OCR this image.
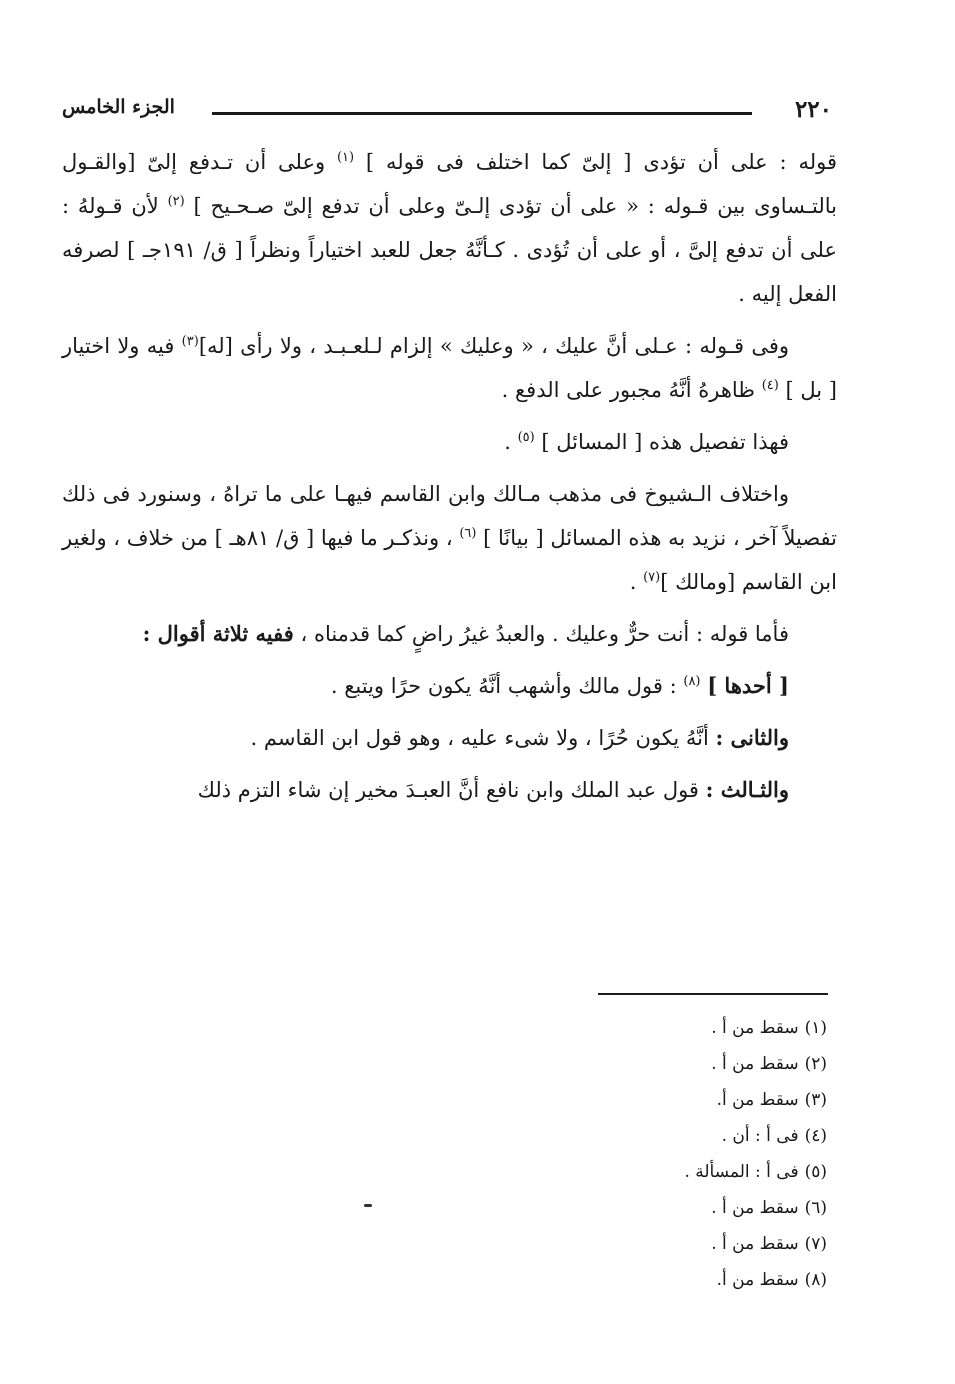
٢٢٠
الجزء الخامس

قوله : على أن تؤدى [ إلىّ كما اختلف فى قوله ] $^{(١)}$ وعلى أن تـدفع إلىّ [والقـول بالتـساوى بين قـوله : « على أن تؤدى إلـىّ وعلى أن تدفع إلىّ صـحـيح ] $^{(٢)}$ لأن قـولهُ : على أن تدفع إلىَّ ، أو على أن تُؤدى . كـأنَّهُ جعل للعبد اختياراً ونظراً [ ق/ ١٩١جـ ] لصرفه الفعل إليه .

وفى قـوله : عـلى أنَّ عليك ، « وعليك » إلزام لـلعـبـد ، ولا رأى [له]$^{(٣)}$ فيه ولا اختيار [ بل ] $^{(٤)}$ ظاهرهُ أنَّهُ مجبور على الدفع .

فهذا تفصيل هذه [ المسائل ] $^{(٥)}$ .

واختلاف الـشيوخ فى مذهب مـالك وابن القاسم فيهـا على ما تراهُ ، وسنورد فى ذلك تفصيلاً آخر ، نزيد به هذه المسائل [ بيانًا ] $^{(٦)}$ ، ونذكـر ما فيها [ ق/ ٨١هـ ] من خلاف ، ولغير ابن القاسم [ومالك ]$^{(٧)}$ .

فأما قوله : أنت حرٌّ وعليك . والعبدُ غيرُ راضٍ كما قدمناه ، ففيه ثلاثة أقوال :

[ أحدها ] $^{(٨)}$ : قول مالك وأشهب أنَّهُ يكون حرًا ويتبع .

والثانى : أنَّهُ يكون حُرًا ، ولا شىء عليه ، وهو قول ابن القاسم .

والثـالث : قول عبد الملك وابن نافع أنَّ العبـدَ مخير إن شاء التزم ذلك

(١)سقط من أ .
(٢)سقط من أ .
(٣)سقط من أ.
(٤)فى أ : أن .
(٥)فى أ : المسألة .
(٦)سقط من أ .
(٧)سقط من أ .
(٨)سقط من أ.
